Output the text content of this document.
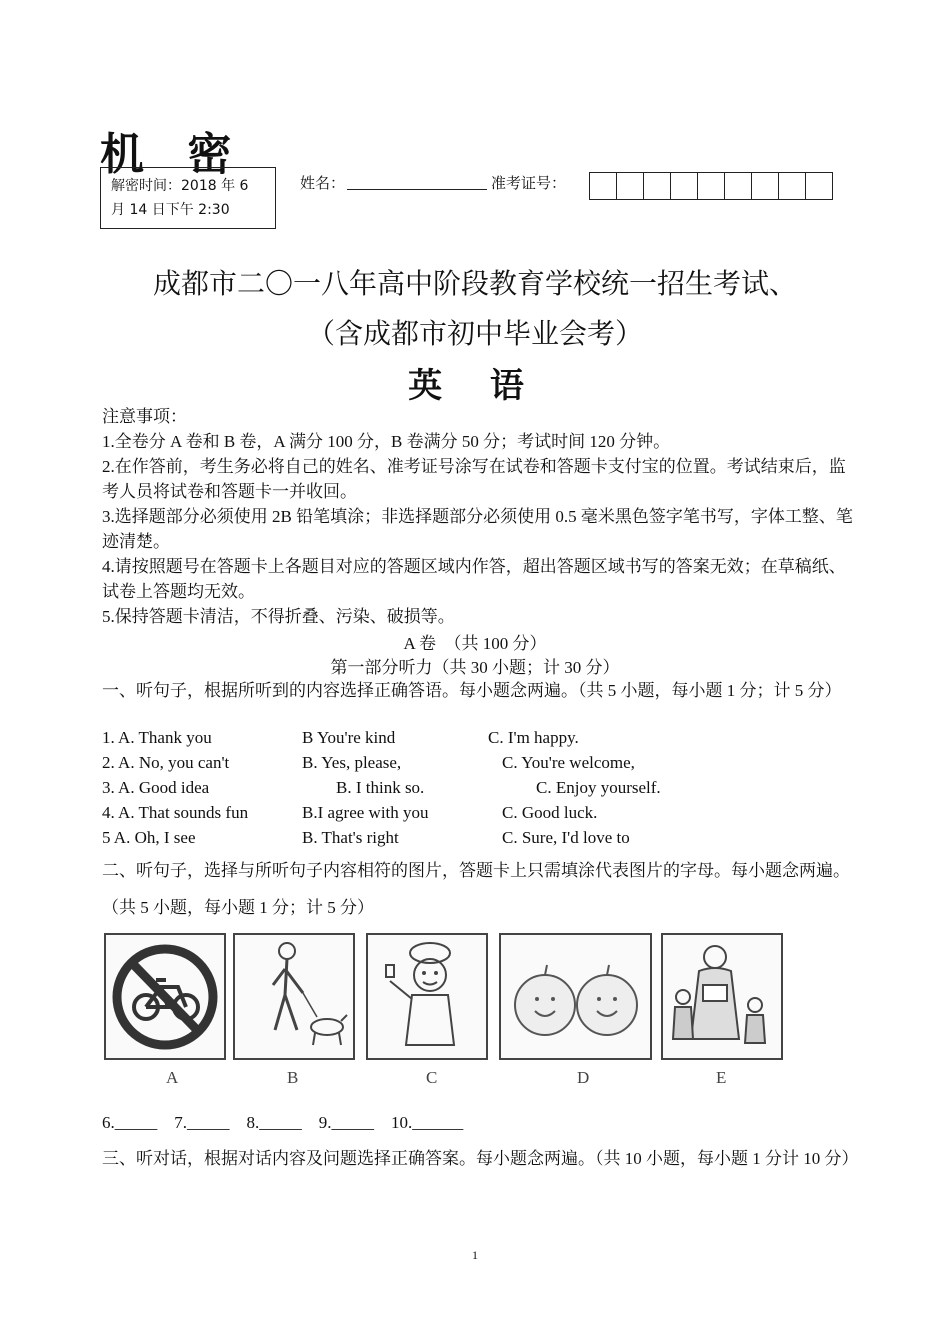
机 密
解密时间：2018 年 6
月 14 日下午 2:30
姓名：	准考证号：
成都市二〇一八年高中阶段教育学校统一招生考试、
（含成都市初中毕业会考）
英 语
注意事项：
1.全卷分 A 卷和 B 卷，A 满分 100 分，B 卷满分 50 分；考试时间 120 分钟。
2.在作答前，考生务必将自己的姓名、准考证号涂写在试卷和答题卡支付宝的位置。考试结束后，监考人员将试卷和答题卡一并收回。
3.选择题部分必须使用 2B 铅笔填涂；非选择题部分必须使用 0.5 毫米黑色签字笔书写，字体工整、笔迹清楚。
4.请按照题号在答题卡上各题目对应的答题区域内作答，超出答题区域书写的答案无效；在草稿纸、试卷上答题均无效。
5.保持答题卡清洁，不得折叠、污染、破损等。
A 卷　（共 100 分）
第一部分听力（共 30 小题；计 30 分）
一、听句子，根据所听到的内容选择正确答语。每小题念两遍。（共 5 小题，每小题 1 分；计 5 分）
1. A. Thank you	B You're kind	C. I'm happy.
2. A. No, you can't	B. Yes, please,	C. You're welcome,
3. A. Good idea	B. I think so.	C. Enjoy yourself.
4. A. That sounds fun	B.I agree with you	C. Good luck.
5 A. Oh, I see	B. That's right	C. Sure, I'd love to
二、听句子，选择与所听句子内容相符的图片，答题卡上只需填涂代表图片的字母。每小题念两遍。（共 5 小题，每小题 1 分；计 5 分）
A	B	C	D	E
6._____　7._____　8._____　9._____　10.______
三、听对话，根据对话内容及问题选择正确答案。每小题念两遍。（共 10 小题，每小题 1 分计 10 分）
1
